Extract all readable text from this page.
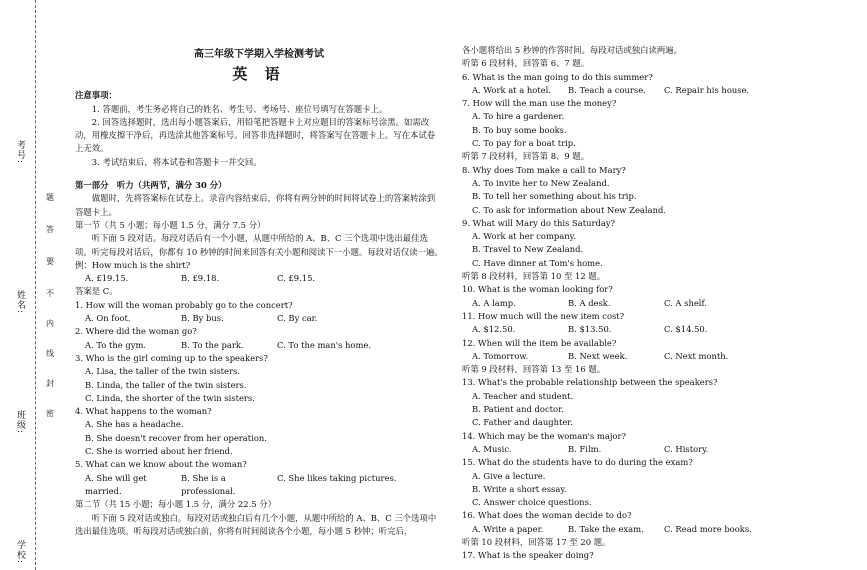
考号:
姓名:
班级:
学校:
题
答
要
不
内
线
封
密

高三年级下学期入学检测考试

英 语

注意事项：

1. 答题前，考生务必将自己的姓名、考生号、考场号、座位号填写在答题卡上。

2. 回答选择题时，选出每小题答案后，用铅笔把答题卡上对应题目的答案标号涂黑。如需改动，用橡皮擦干净后，再选涂其他答案标号。回答非选择题时，将答案写在答题卡上。写在本试卷上无效。

3. 考试结束后，将本试卷和答题卡一并交回。

第一部分　听力（共两节，满分 30 分）

做题时，先将答案标在试卷上。录音内容结束后，你将有两分钟的时间将试卷上的答案转涂到答题卡上。

第一节（共 5 小题；每小题 1.5 分，满分 7.5 分）

听下面 5 段对话。每段对话后有一个小题，从题中所给的 A、B、C 三个选项中选出最佳选项。听完每段对话后，你都有 10 秒钟的时间来回答有关小题和阅读下一小题。每段对话仅读一遍。

例：How much is the shirt?

A. £19.15.	B. £9.18.	C. £9.15.

答案是 C。

1. How will the woman probably go to the concert?

A. On foot.	B. By bus.	C. By car.

2. Where did the woman go?

A. To the gym.	B. To the park.	C. To the man's home.

3. Who is the girl coming up to the speakers?

A. Lisa, the taller of the twin sisters.

B. Linda, the taller of the twin sisters.

C. Linda, the shorter of the twin sisters.

4. What happens to the woman?

A. She has a headache.

B. She doesn't recover from her operation.

C. She is worried about her friend.

5. What can we know about the woman?

A. She will get married.
B. She is a professional.
C. She likes taking pictures.

第二节（共 15 小题；每小题 1.5 分，满分 22.5 分）

听下面 5 段对话或独白。每段对话或独白后有几个小题，从题中所给的 A、B、C 三个选项中选出最佳选项。听每段对话或独白前，你将有时间阅读各个小题，每小题 5 秒钟；听完后，

各小题将给出 5 秒钟的作答时间。每段对话或独白读两遍。

听第 6 段材料，回答第 6、7 题。

6. What is the man going to do this summer?

A. Work at a hotel.	B. Teach a course.	C. Repair his house.

7. How will the man use the money?

A. To hire a gardener.

B. To buy some books.

C. To pay for a boat trip.

听第 7 段材料，回答第 8、9 题。

8. Why does Tom make a call to Mary?

A. To invite her to New Zealand.

B. To tell her something about his trip.

C. To ask for information about New Zealand.

9. What will Mary do this Saturday?

A. Work at her company.

B. Travel to New Zealand.

C. Have dinner at Tom's home.

听第 8 段材料，回答第 10 至 12 题。

10. What is the woman looking for?

A. A lamp.	B. A desk.	C. A shelf.

11. How much will the new item cost?

A. $12.50.	B. $13.50.	C. $14.50.

12. When will the item be available?

A. Tomorrow.	B. Next week.	C. Next month.

听第 9 段材料，回答第 13 至 16 题。

13. What's the probable relationship between the speakers?

A. Teacher and student.

B. Patient and doctor.

C. Father and daughter.

14. Which may be the woman's major?

A. Music.	B. Film.	C. History.

15. What do the students have to do during the exam?

A. Give a lecture.

B. Write a short essay.

C. Answer choice questions.

16. What does the woman decide to do?

A. Write a paper.	B. Take the exam.	C. Read more books.

听第 10 段材料，回答第 17 至 20 题。

17. What is the speaker doing?
